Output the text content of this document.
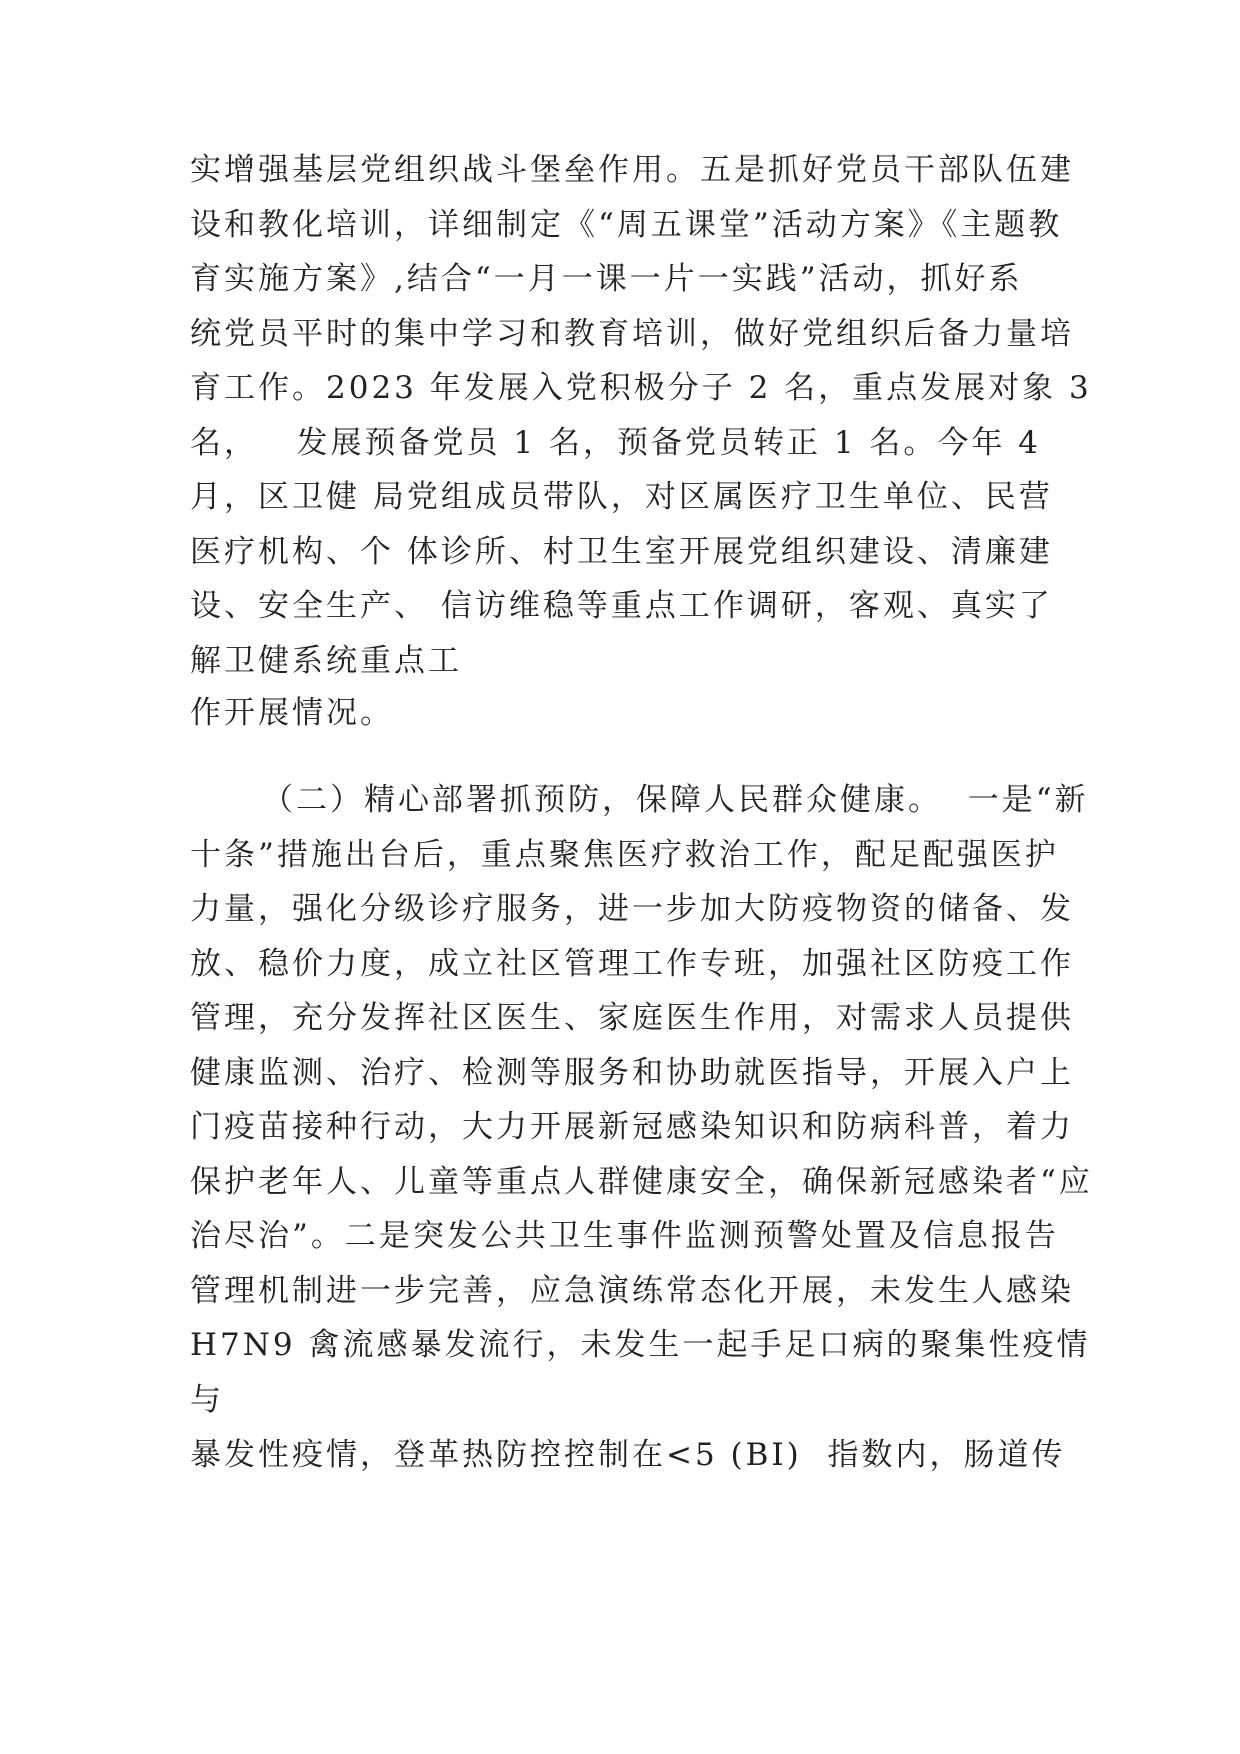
实增强基层党组织战斗堡垒作用。五是抓好党员干部队伍建
设和教化培训，详细制定《“周五课堂”活动方案》《主题教
育实施方案》,结合“一月一课一片一实践”活动，抓好系
统党员平时的集中学习和教育培训，做好党组织后备力量培
育工作。2023 年发展入党积极分子 2 名，重点发展对象 3
名，   发展预备党员 1 名，预备党员转正 1 名。今年 4
月，区卫健 局党组成员带队，对区属医疗卫生单位、民营
医疗机构、个 体诊所、村卫生室开展党组织建设、清廉建
设、安全生产、 信访维稳等重点工作调研，客观、真实了
解卫健系统重点工
作开展情况。
（二）精心部署抓预防，保障人民群众健康。  一是“新
十条”措施出台后，重点聚焦医疗救治工作，配足配强医护
力量，强化分级诊疗服务，进一步加大防疫物资的储备、发
放、稳价力度，成立社区管理工作专班，加强社区防疫工作
管理，充分发挥社区医生、家庭医生作用，对需求人员提供
健康监测、治疗、检测等服务和协助就医指导，开展入户上
门疫苗接种行动，大力开展新冠感染知识和防病科普，着力
保护老年人、儿童等重点人群健康安全，确保新冠感染者“应
治尽治”。二是突发公共卫生事件监测预警处置及信息报告
管理机制进一步完善，应急演练常态化开展，未发生人感染
H7N9 禽流感暴发流行，未发生一起手足口病的聚集性疫情
与
暴发性疫情，登革热防控控制在<5 (BI)  指数内，肠道传
